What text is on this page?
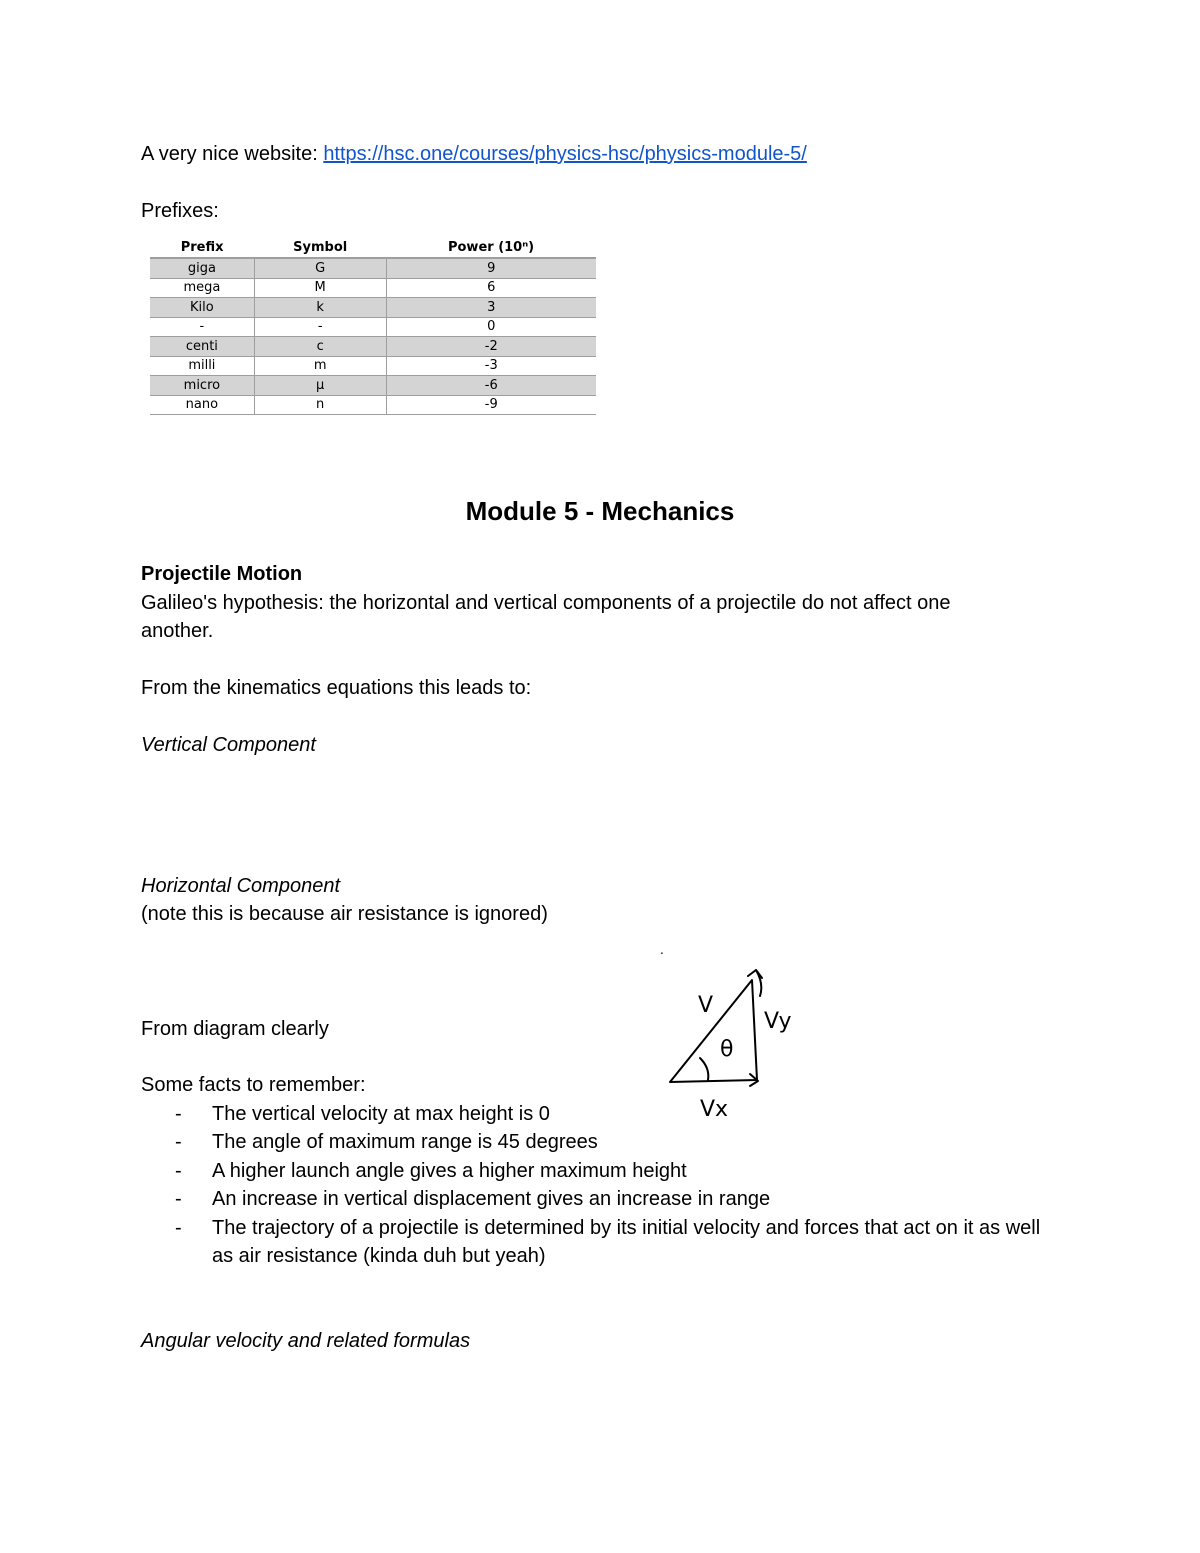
A very nice website: https://hsc.one/courses/physics-hsc/physics-module-5/
Prefixes:
Prefix	Symbol	Power (10ⁿ)
giga	G	9
mega	M	6
Kilo	k	3
-	-	0
centi	c	-2
milli	m	-3
micro	μ	-6
nano	n	-9
Module 5 - Mechanics
Projectile Motion
Galileo's hypothesis: the horizontal and vertical components of a projectile do not affect one
another.
From the kinematics equations this leads to:
Vertical Component
Horizontal Component
(note this is because air resistance is ignored)
From diagram clearly
Some facts to remember:
- The vertical velocity at max height is 0
- The angle of maximum range is 45 degrees
- A higher launch angle gives a higher maximum height
- An increase in vertical displacement gives an increase in range
- The trajectory of a projectile is determined by its initial velocity and forces that act on it as well as air resistance (kinda duh but yeah)
Angular velocity and related formulas
V
Vy
θ
Vx
.
